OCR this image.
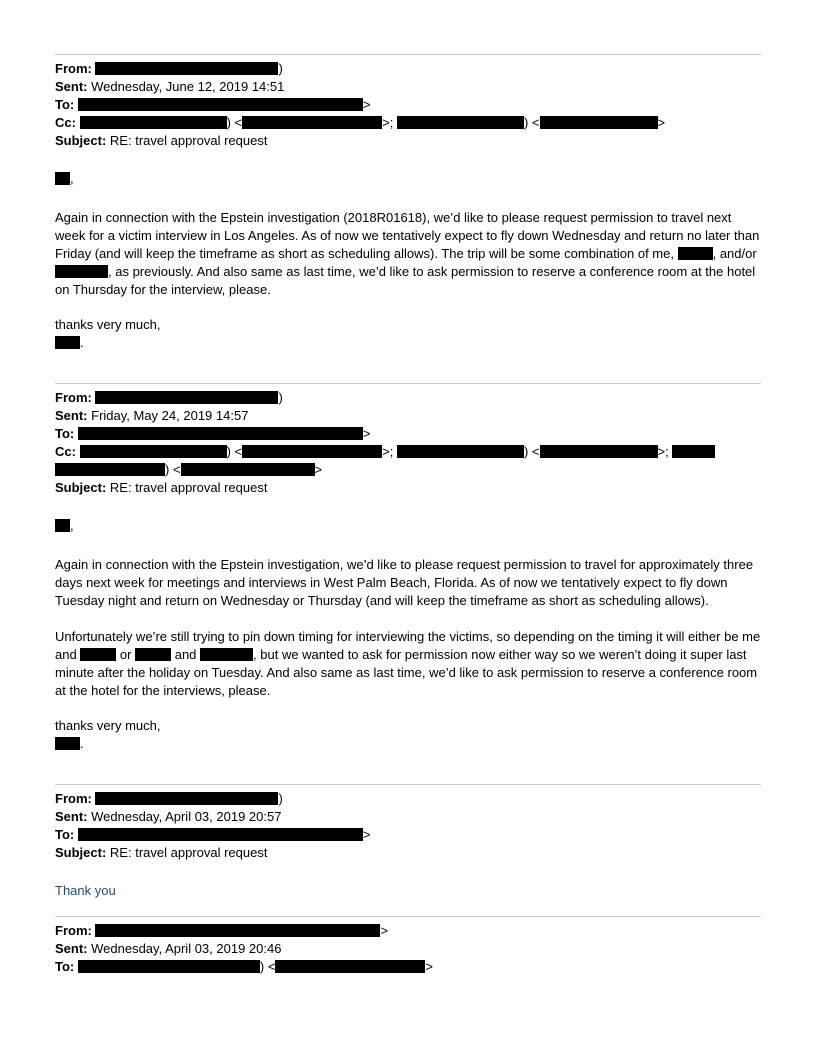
From:	)
Sent: Wednesday, June 12, 2019 14:51
To:	>
Cc:	) <	>;	) <	>
Subject: RE: travel approval request
,

Again in connection with the Epstein investigation (2018R01618), we’d like to please request permission to travel next week for a victim interview in Los Angeles. As of now we tentatively expect to fly down Wednesday and return no later than Friday (and will keep the timeframe as short as scheduling allows). The trip will be some combination of me,	, and/or , as previously. And also same as last time, we’d like to ask permission to reserve a conference room at the hotel on Thursday for the interview, please.

thanks very much,
.
From:	)
Sent: Friday, May 24, 2019 14:57
To:	>
Cc:	) <	>;	) <	>;
) <	>
Subject: RE: travel approval request
,

Again in connection with the Epstein investigation, we’d like to please request permission to travel for approximately three days next week for meetings and interviews in West Palm Beach, Florida. As of now we tentatively expect to fly down Tuesday night and return on Wednesday or Thursday (and will keep the timeframe as short as scheduling allows).

Unfortunately we’re still trying to pin down timing for interviewing the victims, so depending on the timing it will either be me and	or	and	, but we wanted to ask for permission now either way so we weren’t doing it super last minute after the holiday on Tuesday. And also same as last time, we’d like to ask permission to reserve a conference room at the hotel for the interviews, please.

thanks very much,
.
From:	)
Sent: Wednesday, April 03, 2019 20:57
To:	>
Subject: RE: travel approval request
Thank you
From:	>
Sent: Wednesday, April 03, 2019 20:46
To:	) <	>
